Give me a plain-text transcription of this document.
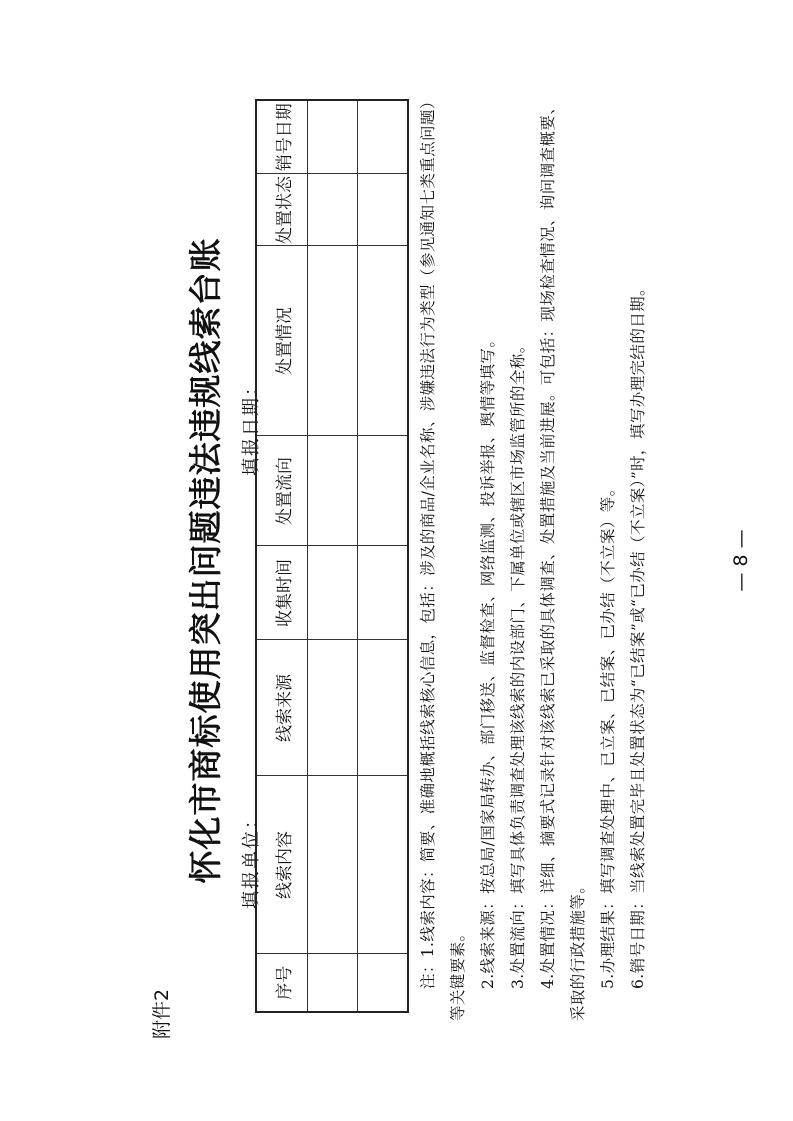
附件2
怀化市商标使用突出问题违法违规线索台账 填报单位：
填报日期：
序号	线索内容	线索来源	收集时间	处置流向	处置情况	处置状态	销号日期

								注：1.线索内容：简要、准确地概括线索核心信息，包括：涉及的商品/企业名称、涉嫌违法行为类型（参见通知七类重点问题） 等关键要素。 2.线索来源：按总局/国家局转办、部门移送、监督检查、网络监测、投诉举报、舆情等填写。 3.处置流向：填写具体负责调查处理该线索的内设部门、下属单位或辖区市场监管所的全称。 4.处置情况：详细、摘要式记录针对该线索已采取的具体调查、处置措施及当前进展。可包括：现场检查情况、询问调查概要、 采取的行政措施等。 5.办理结果：填写调查处理中、已立案、已结案、已办结（不立案）等。 6.销号日期：当线索处置完毕且处置状态为“已结案”或“已办结（不立案）”时，填写办理完结的日期。	— 8 —
